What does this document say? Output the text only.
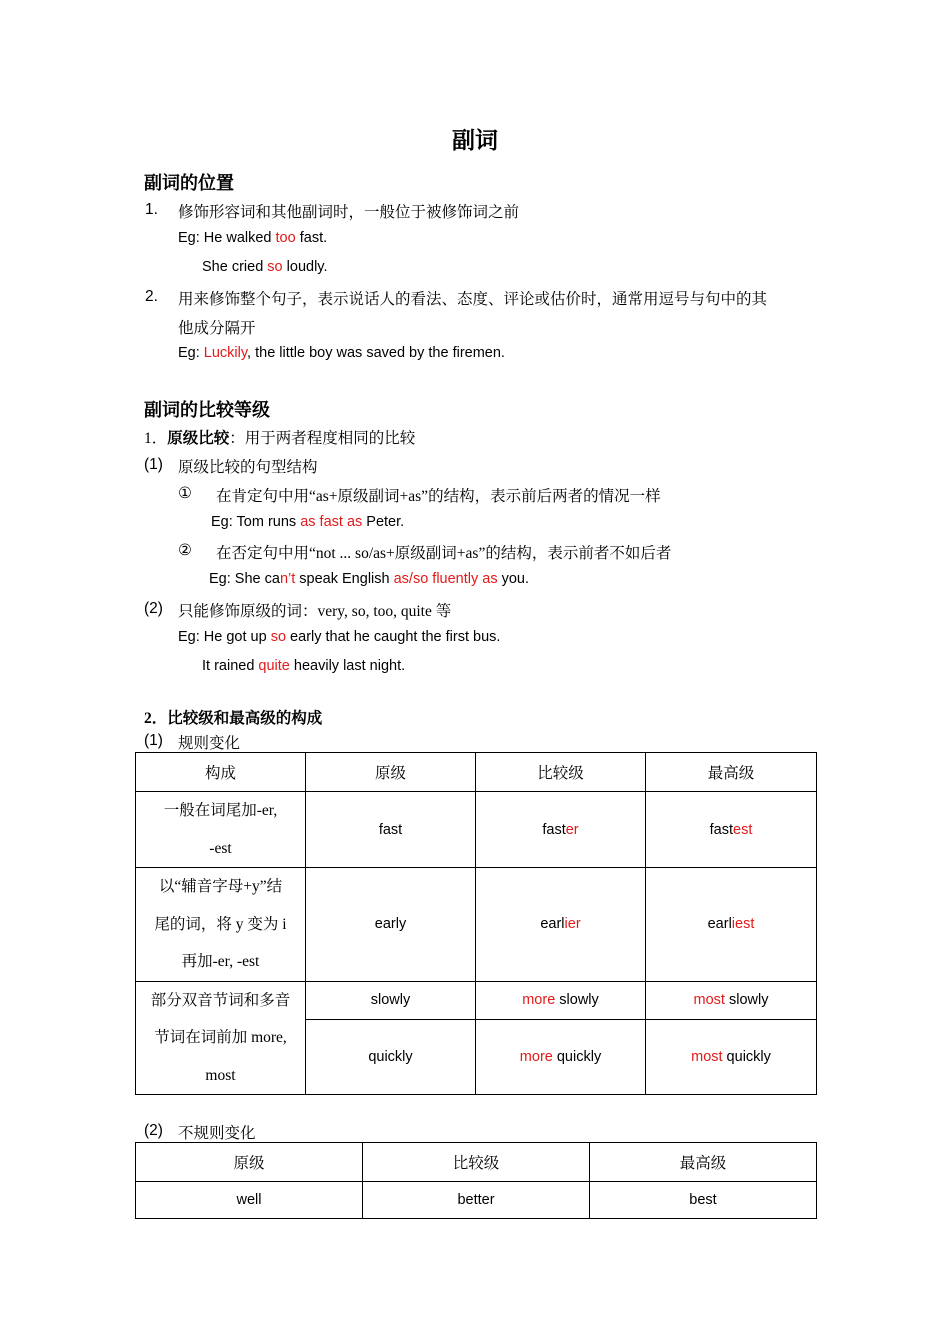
副词
副词的位置
1. 修饰形容词和其他副词时，一般位于被修饰词之前
Eg: He walked too fast.
She cried so loudly.
2. 用来修饰整个句子，表示说话人的看法、态度、评论或估价时，通常用逗号与句中的其
他成分隔开
Eg: Luckily, the little boy was saved by the firemen.
副词的比较等级
1．原级比较：用于两者程度相同的比较
(1) 原级比较的句型结构
① 在肯定句中用“as+原级副词+as”的结构，表示前后两者的情况一样
Eg: Tom runs as fast as Peter.
② 在否定句中用“not ... so/as+原级副词+as”的结构，表示前者不如后者
Eg: She can’t speak English as/so fluently as you.
(2) 只能修饰原级的词：very, so, too, quite 等
Eg: He got up so early that he caught the first bus.
It rained quite heavily last night.
2．比较级和最高级的构成
(1) 规则变化
构成	原级	比较级	最高级

一般在词尾加-er,
-est	fast	faster	fastest

以“辅音字母+y”结
尾的词，将 y 变为 i
再加-er, -est	early	earlier	earliest

部分双音节词和多音
节词在词前加 more,
most	slowly	more slowly	most slowly
	quickly	more quickly	most quickly
(2) 不规则变化
原级	比较级	最高级
well	better	best
